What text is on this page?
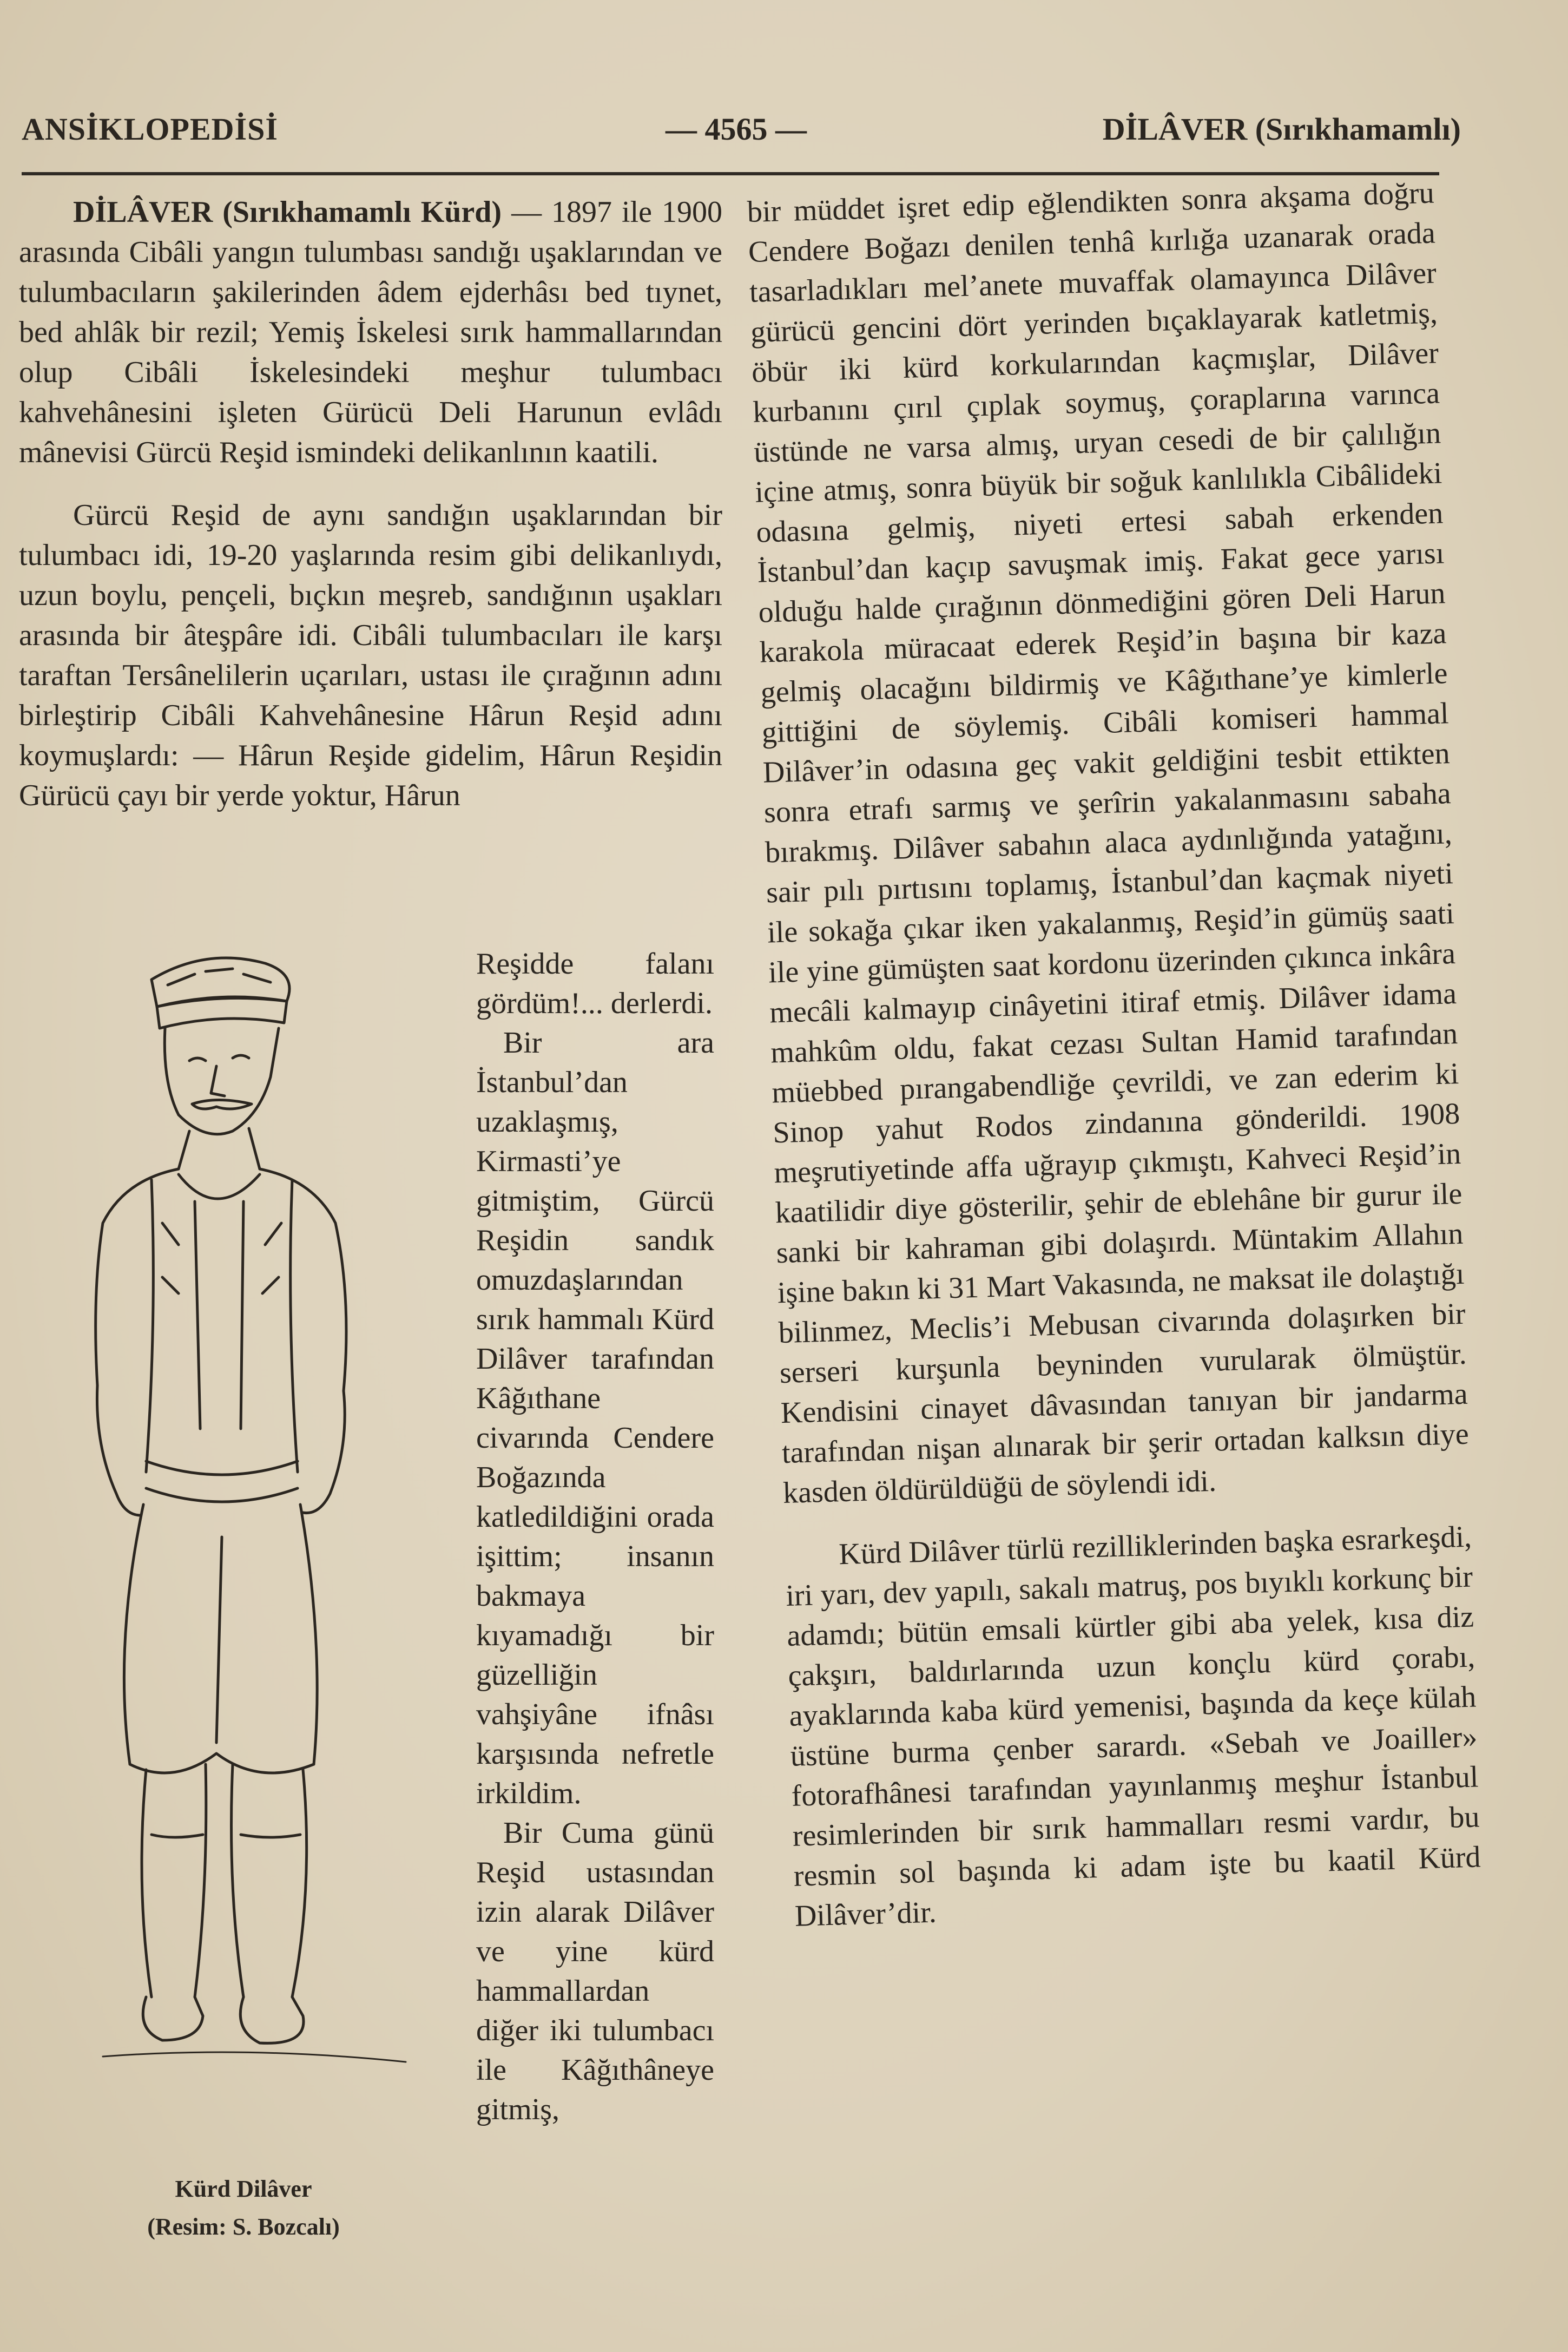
ANSİKLOPEDİSİ	— 4565 —	DİLÂVER (Sırıkhamamlı)

DİLÂVER (Sırıkhamamlı Kürd) — 1897 ile 1900 arasında Cibâli yangın tulumbası sandığı uşaklarından ve tulumbacıların şakilerinden âdem ejderhâsı bed tıynet, bed ahlâk bir rezil; Yemiş İskelesi sırık hammallarından olup Cibâli İskelesindeki meşhur tulumbacı kahvehânesini işleten Gürücü Deli Harunun evlâdı mânevisi Gürcü Reşid ismindeki delikanlının kaatili.

Gürcü Reşid de aynı sandığın uşaklarından bir tulumbacı idi, 19-20 yaşlarında resim gibi delikanlıydı, uzun boylu, pençeli, bıçkın meşreb, sandığının uşakları arasında bir âteşpâre idi. Cibâli tulumbacıları ile karşı taraftan Tersânelilerin uçarıları, ustası ile çırağının adını birleştirip Cibâli Kahvehânesine Hârun Reşid adını koymuşlardı: — Hârun Reşide gidelim, Hârun Reşidin Gürücü çayı bir yerde yoktur, Hârun

Reşidde falanı gördüm!... derlerdi.

Bir ara İstanbul’dan uzaklaşmış, Kirmasti’ye gitmiştim, Gürcü Reşidin sandık omuzdaşlarından sırık hammalı Kürd Dilâver tarafından Kâğıthane civarında Cendere Boğazında katledildiğini orada işittim; insanın bakmaya kıyamadığı bir güzelliğin vahşiyâne ifnâsı karşısında nefretle irkildim.

Bir Cuma günü Reşid ustasından izin alarak Dilâver ve yine kürd hammallardan diğer iki tulumbacı ile Kâğıthâneye gitmiş,

Kürd Dilâver
(Resim: S. Bozcalı)

bir müddet işret edip eğlendikten sonra akşama doğru Cendere Boğazı denilen tenhâ kırlığa uzanarak orada tasarladıkları mel’anete muvaffak olamayınca Dilâver gürücü gencini dört yerinden bıçaklayarak katletmiş, öbür iki kürd korkularından kaçmışlar, Dilâver kurbanını çırıl çıplak soymuş, çoraplarına varınca üstünde ne varsa almış, uryan cesedi de bir çalılığın içine atmış, sonra büyük bir soğuk kanlılıkla Cibâlideki odasına gelmiş, niyeti ertesi sabah erkenden İstanbul’dan kaçıp savuşmak imiş. Fakat gece yarısı olduğu halde çırağının dönmediğini gören Deli Harun karakola müracaat ederek Reşid’in başına bir kaza gelmiş olacağını bildirmiş ve Kâğıthane’ye kimlerle gittiğini de söylemiş. Cibâli komiseri hammal Dilâver’in odasına geç vakit geldiğini tesbit ettikten sonra etrafı sarmış ve şerîrin yakalanmasını sabaha bırakmış. Dilâver sabahın alaca aydınlığında yatağını, sair pılı pırtısını toplamış, İstanbul’dan kaçmak niyeti ile sokağa çıkar iken yakalanmış, Reşid’in gümüş saati ile yine gümüşten saat kordonu üzerinden çıkınca inkâra mecâli kalmayıp cinâyetini itiraf etmiş. Dilâver idama mahkûm oldu, fakat cezası Sultan Hamid tarafından müebbed pırangabendliğe çevrildi, ve zan ederim ki Sinop yahut Rodos zindanına gönderildi. 1908 meşrutiyetinde affa uğrayıp çıkmıştı, Kahveci Reşid’in kaatilidir diye gösterilir, şehir de eblehâne bir gurur ile sanki bir kahraman gibi dolaşırdı. Müntakim Allahın işine bakın ki 31 Mart Vakasında, ne maksat ile dolaştığı bilinmez, Meclis’i Mebusan civarında dolaşırken bir serseri kurşunla beyninden vurularak ölmüştür. Kendisini cinayet dâvasından tanıyan bir jandarma tarafından nişan alınarak bir şerir ortadan kalksın diye kasden öldürüldüğü de söylendi idi.

Kürd Dilâver türlü rezilliklerinden başka esrarkeşdi, iri yarı, dev yapılı, sakalı matruş, pos bıyıklı korkunç bir adamdı; bütün emsali kürtler gibi aba yelek, kısa diz çakşırı, baldırlarında uzun konçlu kürd çorabı, ayaklarında kaba kürd yemenisi, başında da keçe külah üstüne burma çenber sarardı. «Sebah ve Joailler» fotorafhânesi tarafından yayınlanmış meşhur İstanbul resimlerinden bir sırık hammalları resmi vardır, bu resmin sol başında ki adam işte bu kaatil Kürd Dilâver’dir.
